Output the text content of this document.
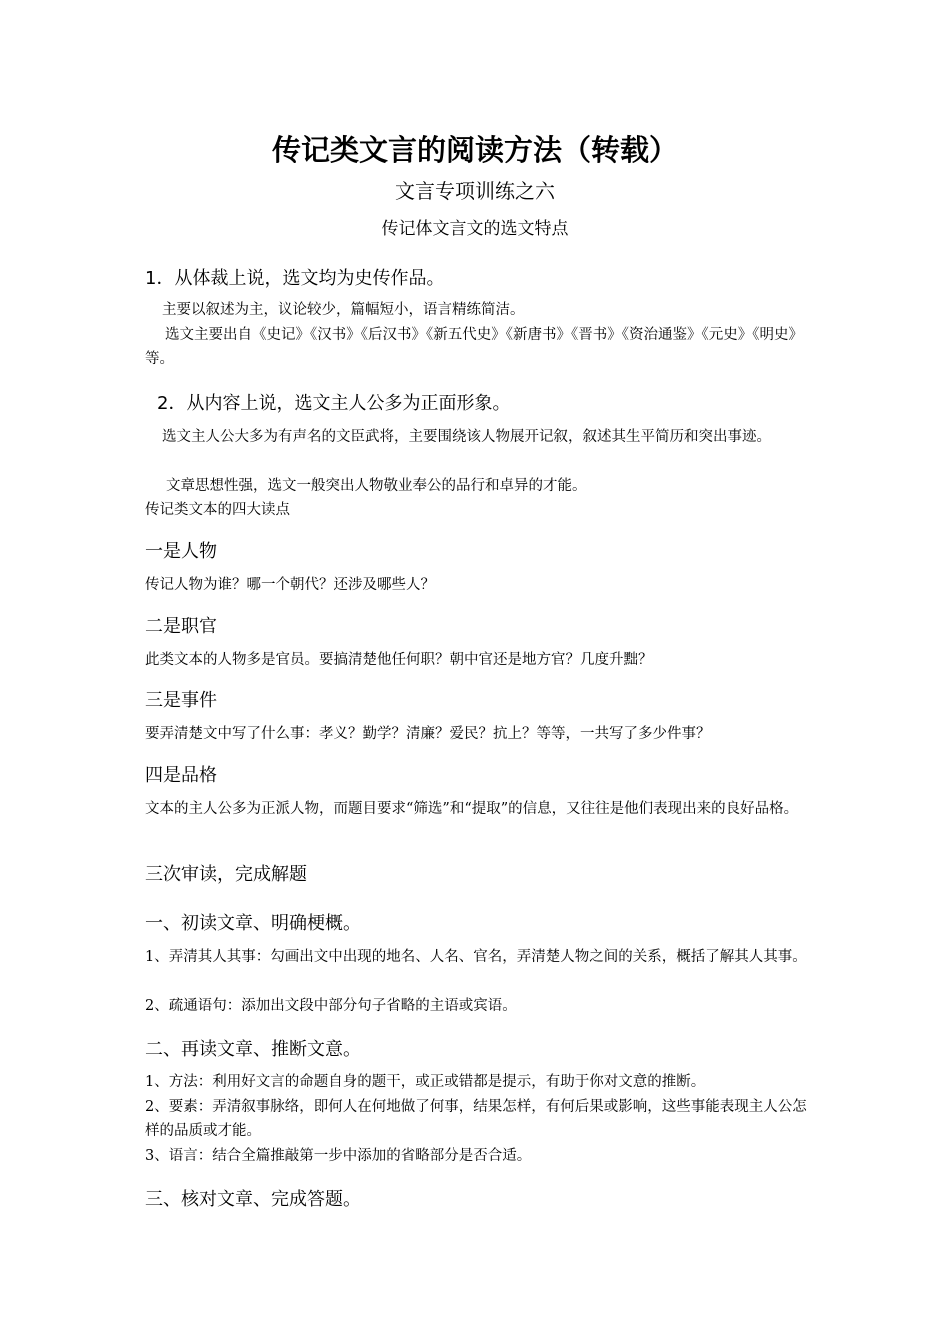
传记类文言的阅读方法（转载）
文言专项训练之六
传记体文言文的选文特点
1．从体裁上说，选文均为史传作品。
主要以叙述为主，议论较少，篇幅短小，语言精练简洁。
选文主要出自《史记》《汉书》《后汉书》《新五代史》《新唐书》《晋书》《资治通鉴》《元史》《明史》等。
2．从内容上说，选文主人公多为正面形象。
选文主人公大多为有声名的文臣武将，主要围绕该人物展开记叙，叙述其生平简历和突出事迹。
文章思想性强，选文一般突出人物敬业奉公的品行和卓异的才能。
传记类文本的四大读点
一是人物
传记人物为谁？哪一个朝代？还涉及哪些人？
二是职官
此类文本的人物多是官员。要搞清楚他任何职？朝中官还是地方官？几度升黜？
三是事件
要弄清楚文中写了什么事：孝义？勤学？清廉？爱民？抗上？等等，一共写了多少件事？
四是品格
文本的主人公多为正派人物，而题目要求“筛选”和“提取”的信息，又往往是他们表现出来的良好品格。
三次审读，完成解题
一、初读文章、明确梗概。
1、弄清其人其事：勾画出文中出现的地名、人名、官名，弄清楚人物之间的关系，概括了解其人其事。
2、疏通语句：添加出文段中部分句子省略的主语或宾语。
二、再读文章、推断文意。
1、方法：利用好文言的命题自身的题干，或正或错都是提示，有助于你对文意的推断。
2、要素：弄清叙事脉络，即何人在何地做了何事，结果怎样，有何后果或影响，这些事能表现主人公怎样的品质或才能。
3、语言：结合全篇推敲第一步中添加的省略部分是否合适。
三、核对文章、完成答题。
